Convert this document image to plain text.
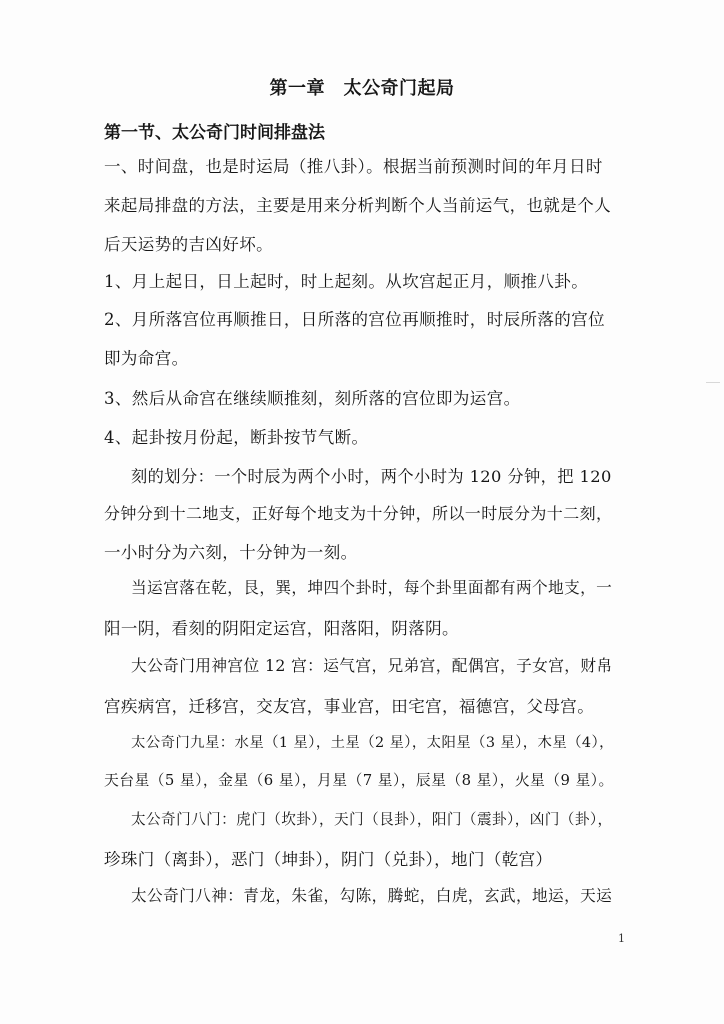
第一章　太公奇门起局
第一节、太公奇门时间排盘法
一、时间盘，也是时运局（推八卦）。根据当前预测时间的年月日时
来起局排盘的方法，主要是用来分析判断个人当前运气，也就是个人
后天运势的吉凶好坏。
1、月上起日，日上起时，时上起刻。从坎宫起正月，顺推八卦。
2、月所落宫位再顺推日，日所落的宫位再顺推时，时辰所落的宫位
即为命宫。
3、然后从命宫在继续顺推刻，刻所落的宫位即为运宫。
4、起卦按月份起，断卦按节气断。
刻的划分：一个时辰为两个小时，两个小时为 120 分钟，把 120
分钟分到十二地支，正好每个地支为十分钟，所以一时辰分为十二刻，
一小时分为六刻，十分钟为一刻。
当运宫落在乾，艮，巽，坤四个卦时，每个卦里面都有两个地支，一
阳一阴，看刻的阴阳定运宫，阳落阳，阴落阴。
大公奇门用神宫位 12 宫：运气宫，兄弟宫，配偶宫，子女宫，财帛
宫疾病宫，迁移宫，交友宫，事业宫，田宅宫，福德宫，父母宫。
太公奇门九星：水星（1 星），土星（2 星），太阳星（3 星），木星（4），
天台星（5 星），金星（6 星），月星（7 星），辰星（8 星），火星（9 星）。
太公奇门八门：虎门（坎卦），天门（艮卦），阳门（震卦），凶门（卦），
珍珠门（离卦），恶门（坤卦），阴门（兑卦），地门（乾宫）
太公奇门八神：青龙，朱雀，勾陈，腾蛇，白虎，玄武，地运，天运
1
